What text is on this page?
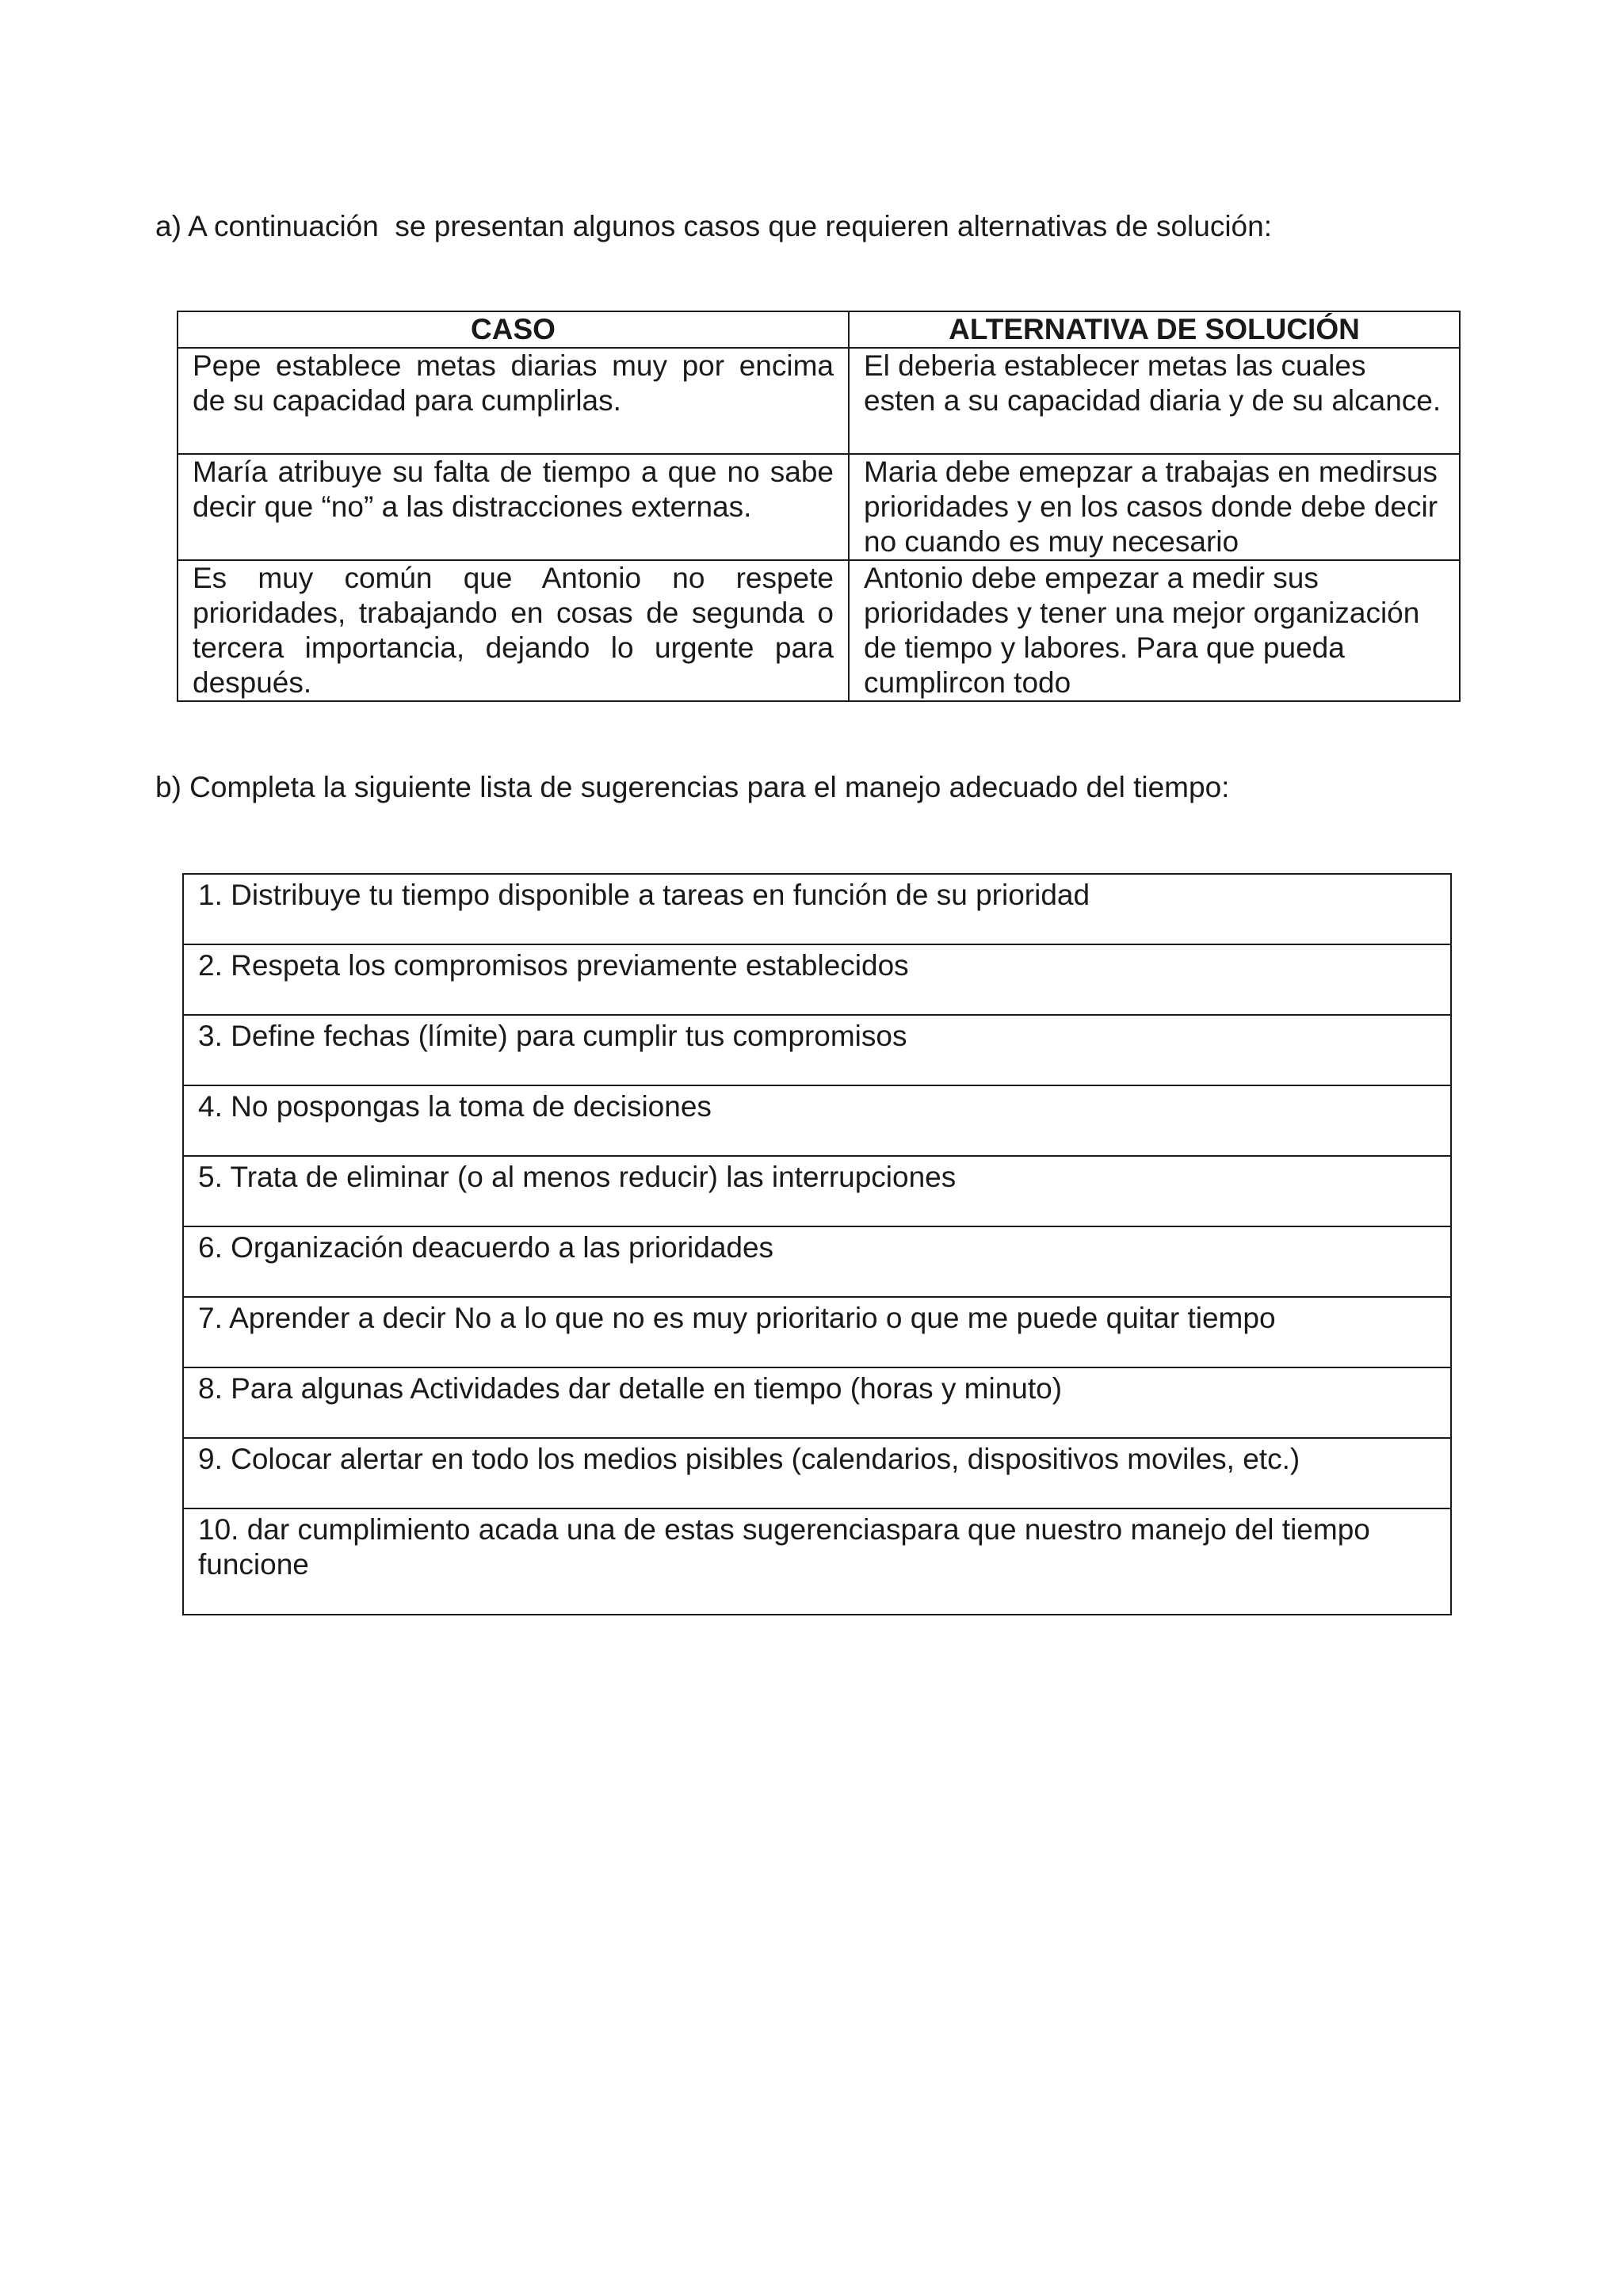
a) A continuación  se presentan algunos casos que requieren alternativas de solución:
CASO	ALTERNATIVA DE SOLUCIÓN
Pepe establece metas diarias muy por encima de su capacidad para cumplirlas.	El deberia establecer metas las cuales esten a su capacidad diaria y de su alcance.
María atribuye su falta de tiempo a que no sabe decir que “no” a las distracciones externas.	Maria debe emepzar a trabajas en medirsus prioridades y en los casos donde debe decir no cuando es muy necesario
Es muy común que Antonio no respete prioridades, trabajando en cosas de segunda o tercera importancia, dejando lo urgente para después.	Antonio debe empezar a medir sus prioridades y tener una mejor organización de tiempo y labores. Para que pueda cumplircon todo
b) Completa la siguiente lista de sugerencias para el manejo adecuado del tiempo:
1. Distribuye tu tiempo disponible a tareas en función de su prioridad
2. Respeta los compromisos previamente establecidos
3. Define fechas (límite) para cumplir tus compromisos
4. No pospongas la toma de decisiones
5. Trata de eliminar (o al menos reducir) las interrupciones
6. Organización deacuerdo a las prioridades
7. Aprender a decir No a lo que no es muy prioritario o que me puede quitar tiempo
8. Para algunas Actividades dar detalle en tiempo (horas y minuto)
9. Colocar alertar en todo los medios pisibles (calendarios, dispositivos moviles, etc.)
10. dar cumplimiento acada una de estas sugerenciaspara que nuestro manejo del tiempo funcione
